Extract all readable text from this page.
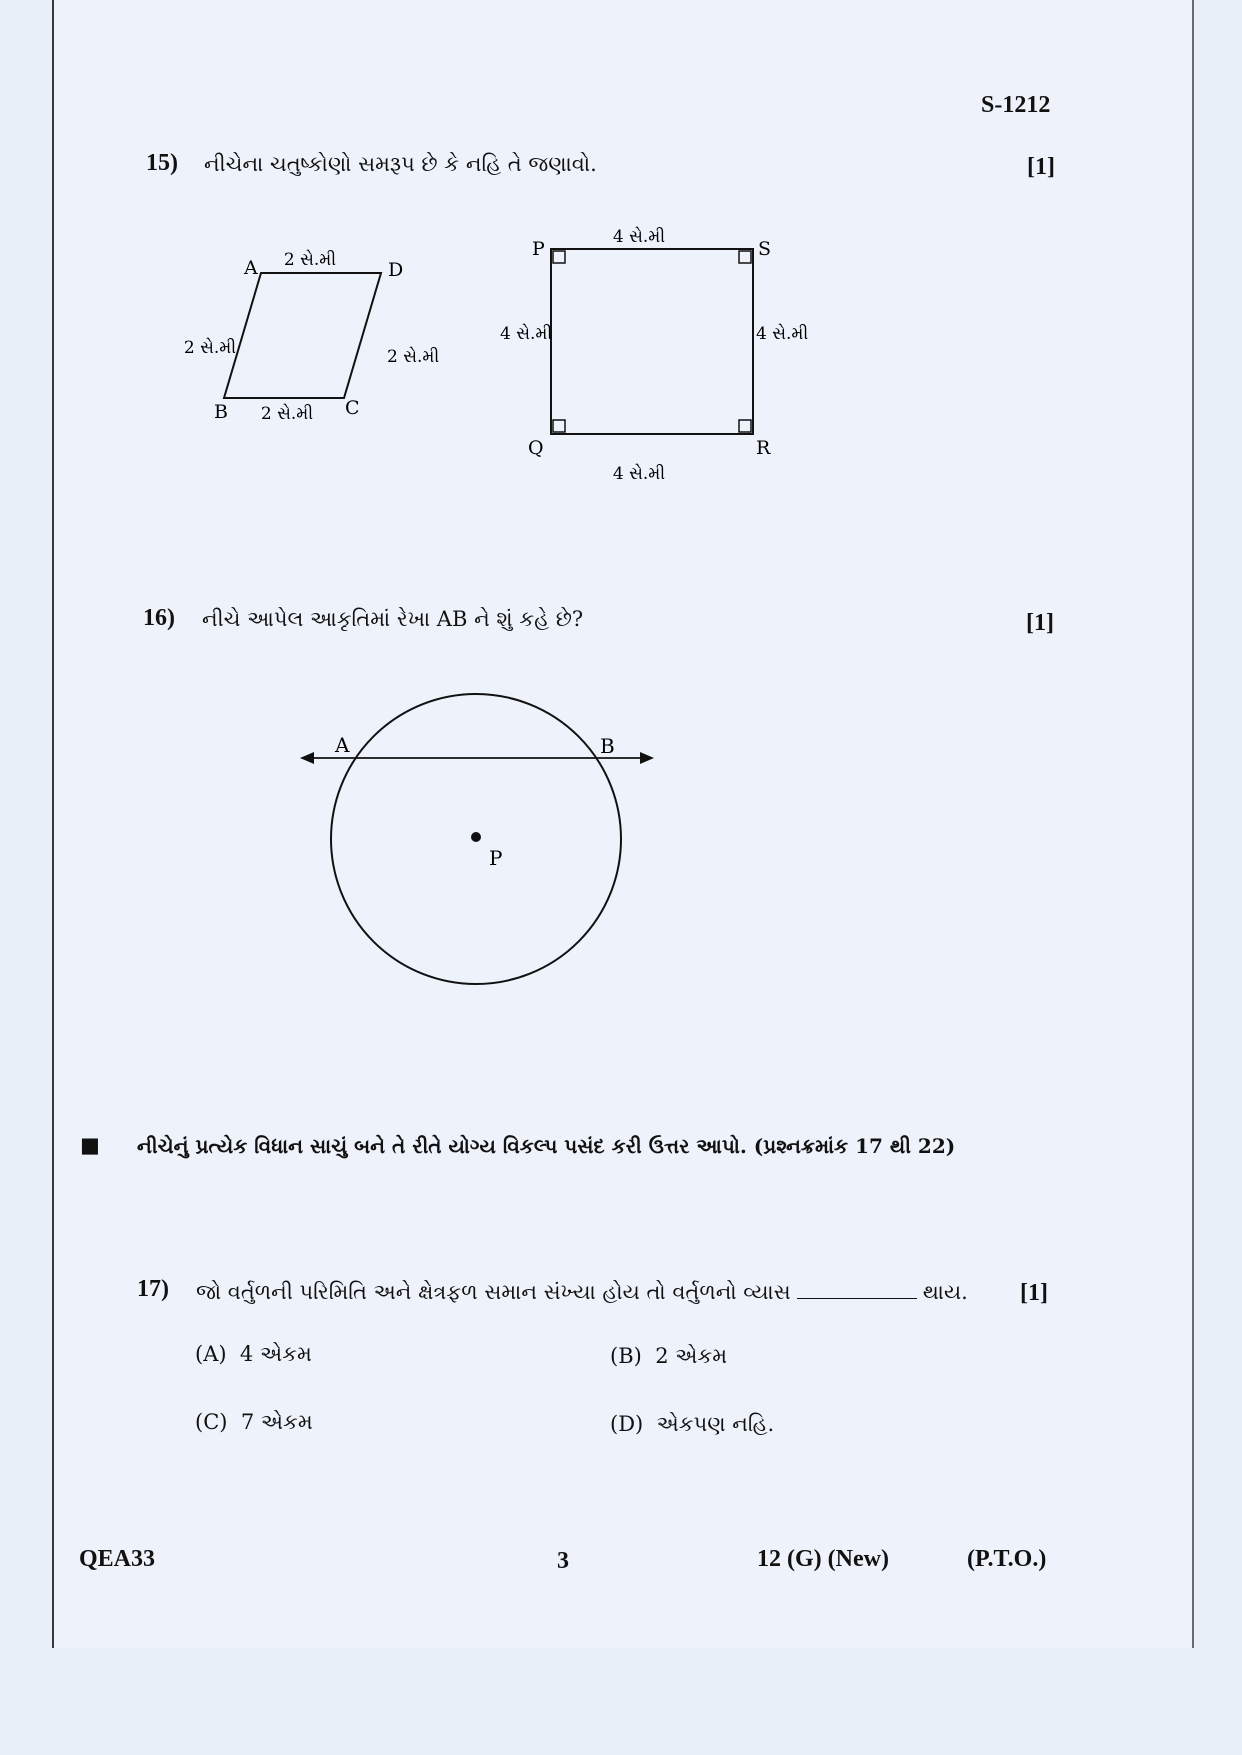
S-1212
15) નીચેના ચતુષ્કોણો સમરૂપ છે કે નહિ તે જણાવો.	[1]
A	D
B	C
2 સે.મી
2 સે.મી	2 સે.મી
2 સે.મી
P	S
Q	R
4 સે.મી
4 સે.મી	4 સે.મી
4 સે.મી
16) નીચે આપેલ આકૃતિમાં રેખા AB ને શું કહે છે?	[1]
A	B
P
■ નીચેનું પ્રત્યેક વિધાન સાચું બને તે રીતે યોગ્ય વિકલ્પ પસંદ કરી ઉત્તર આપો. (પ્રશ્નક્રમાંક 17 થી 22)
17) જો વર્તુળની પરિમિતિ અને ક્ષેત્રફળ સમાન સંખ્યા હોય તો વર્તુળનો વ્યાસ	થાય. [1]
(A) 4 એકમ	(B) 2 એકમ
(C) 7 એકમ	(D) એકપણ નહિ.
QEA33	3	12 (G) (New)	(P.T.O.)
